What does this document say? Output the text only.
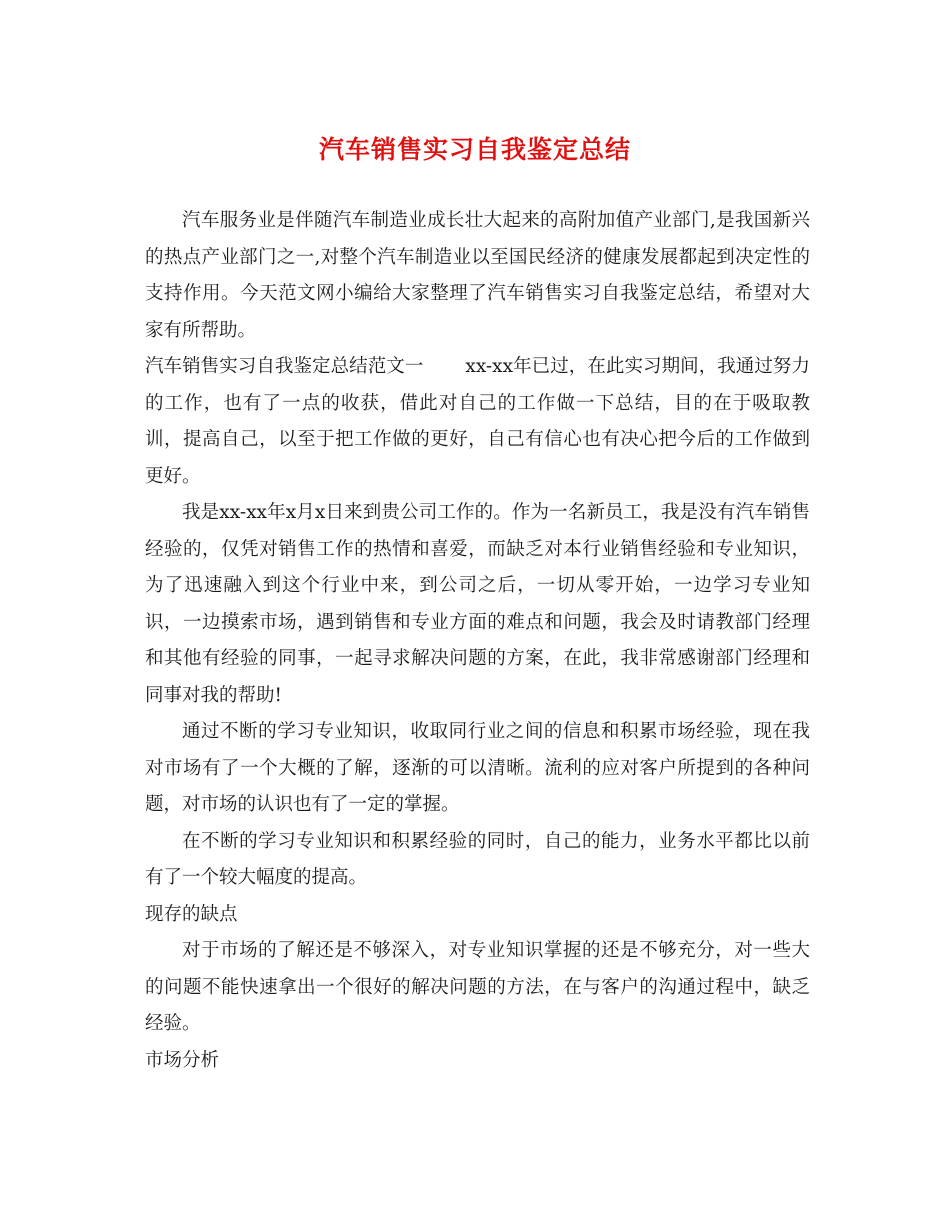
汽车销售实习自我鉴定总结

汽车服务业是伴随汽车制造业成长壮大起来的高附加值产业部门,是我国新兴的热点产业部门之一,对整个汽车制造业以至国民经济的健康发展都起到决定性的支持作用。今天范文网小编给大家整理了汽车销售实习自我鉴定总结，希望对大家有所帮助。

汽车销售实习自我鉴定总结范文一 xx-xx年已过，在此实习期间，我通过努力的工作，也有了一点的收获，借此对自己的工作做一下总结，目的在于吸取教训，提高自己，以至于把工作做的更好，自己有信心也有决心把今后的工作做到更好。

我是xx-xx年x月x日来到贵公司工作的。作为一名新员工，我是没有汽车销售经验的，仅凭对销售工作的热情和喜爱，而缺乏对本行业销售经验和专业知识，为了迅速融入到这个行业中来，到公司之后，一切从零开始，一边学习专业知识，一边摸索市场，遇到销售和专业方面的难点和问题，我会及时请教部门经理和其他有经验的同事，一起寻求解决问题的方案，在此，我非常感谢部门经理和同事对我的帮助!

通过不断的学习专业知识，收取同行业之间的信息和积累市场经验，现在我对市场有了一个大概的了解，逐渐的可以清晰。流利的应对客户所提到的各种问题，对市场的认识也有了一定的掌握。

在不断的学习专业知识和积累经验的同时，自己的能力，业务水平都比以前有了一个较大幅度的提高。

现存的缺点

对于市场的了解还是不够深入，对专业知识掌握的还是不够充分，对一些大的问题不能快速拿出一个很好的解决问题的方法，在与客户的沟通过程中，缺乏经验。

市场分析
